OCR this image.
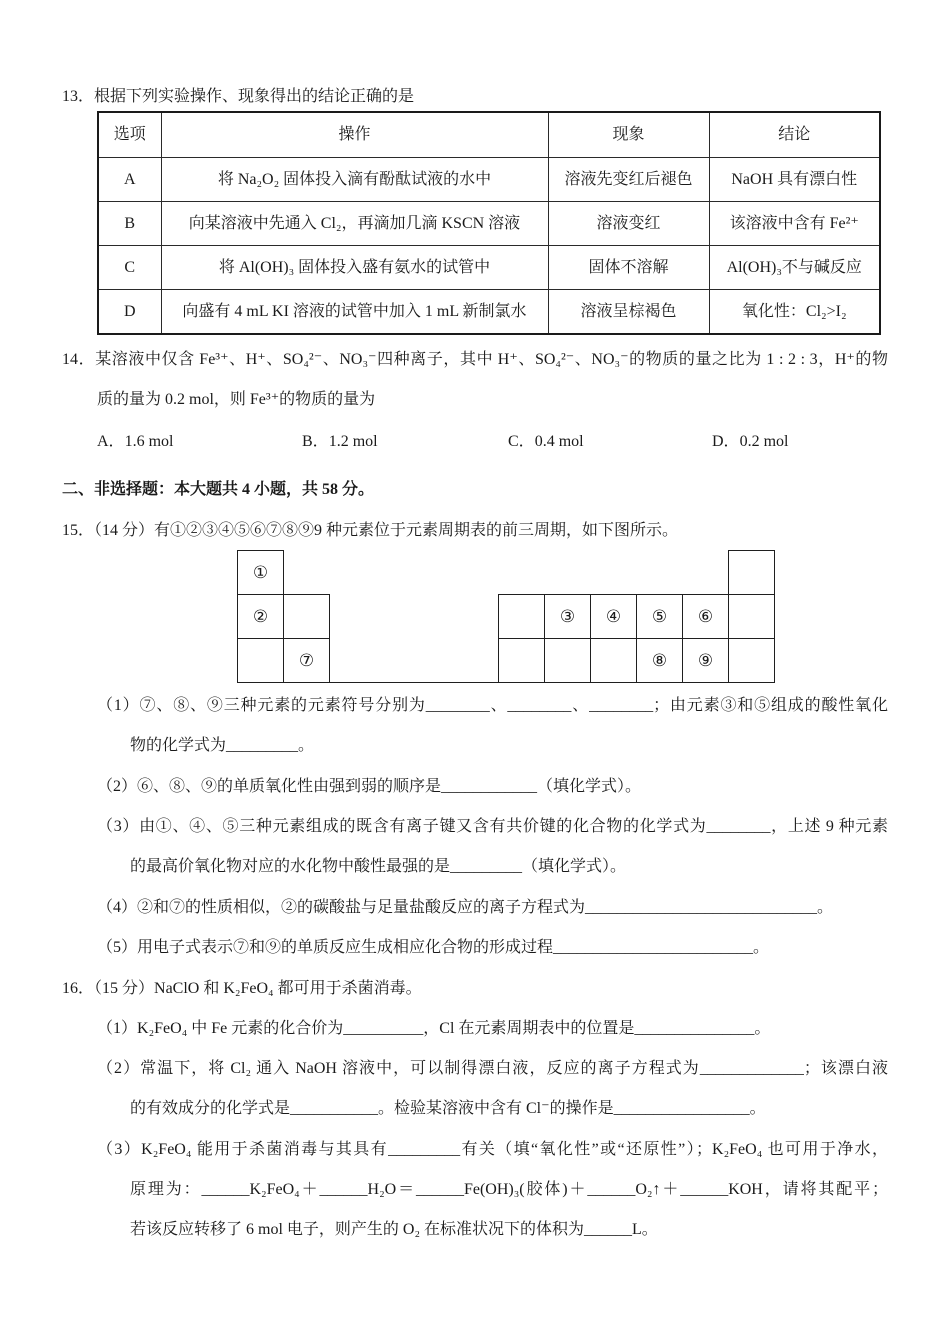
13．根据下列实验操作、现象得出的结论正确的是
选项	操作	现象	结论
A	将 Na₂O₂ 固体投入滴有酚酞试液的水中	溶液先变红后褪色	NaOH 具有漂白性
B	向某溶液中先通入 Cl₂，再滴加几滴 KSCN 溶液	溶液变红	该溶液中含有 Fe²⁺
C	将 Al(OH)₃ 固体投入盛有氨水的试管中	固体不溶解	Al(OH)₃不与碱反应
D	向盛有 4 mL KI 溶液的试管中加入 1 mL 新制氯水	溶液呈棕褐色	氧化性：Cl₂>I₂
14．某溶液中仅含 Fe³⁺、H⁺、SO₄²⁻、NO₃⁻四种离子，其中 H⁺、SO₄²⁻、NO₃⁻的物质的量之比为 1 : 2 : 3，H⁺的物
质的量为 0.2 mol，则 Fe³⁺的物质的量为
A．1.6 mol	B．1.2 mol	C．0.4 mol	D．0.2 mol
二、非选择题：本大题共 4 小题，共 58 分。
15．（14 分）有①②③④⑤⑥⑦⑧⑨9 种元素位于元素周期表的前三周期，如下图所示。
①
②	③ ④ ⑤ ⑥
⑦	⑧ ⑨
（1）⑦、⑧、⑨三种元素的元素符号分别为________、________、________；由元素③和⑤组成的酸性氧化
物的化学式为_________。
（2）⑥、⑧、⑨的单质氧化性由强到弱的顺序是____________（填化学式）。
（3）由①、④、⑤三种元素组成的既含有离子键又含有共价键的化合物的化学式为________，上述 9 种元素
的最高价氧化物对应的水化物中酸性最强的是_________（填化学式）。
（4）②和⑦的性质相似，②的碳酸盐与足量盐酸反应的离子方程式为_____________________________。
（5）用电子式表示⑦和⑨的单质反应生成相应化合物的形成过程_________________________。
16．（15 分）NaClO 和 K₂FeO₄ 都可用于杀菌消毒。
（1）K₂FeO₄ 中 Fe 元素的化合价为__________，Cl 在元素周期表中的位置是_______________。
（2）常温下，将 Cl₂ 通入 NaOH 溶液中，可以制得漂白液，反应的离子方程式为_____________；该漂白液
的有效成分的化学式是___________。检验某溶液中含有 Cl⁻的操作是_________________。
（3）K₂FeO₄ 能用于杀菌消毒与其具有_________有关（填“氧化性”或“还原性”）；K₂FeO₄ 也可用于净水，
原理为：______K₂FeO₄＋______H₂O＝______Fe(OH)₃(胶体)＋______O₂↑＋______KOH，请将其配平；
若该反应转移了 6 mol 电子，则产生的 O₂ 在标准状况下的体积为______L。
